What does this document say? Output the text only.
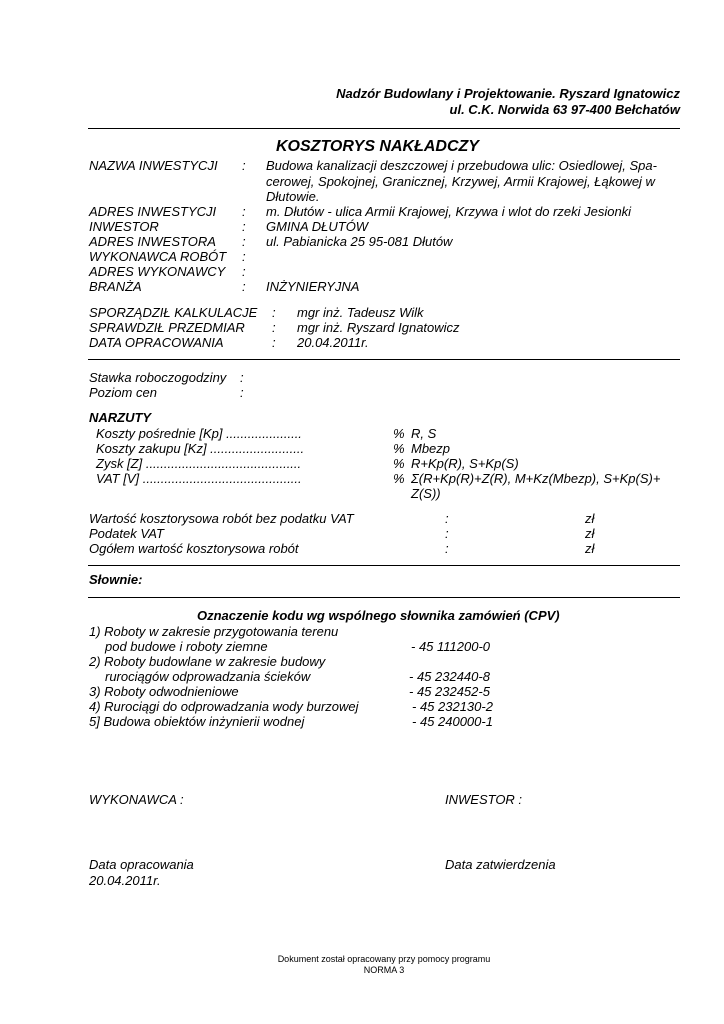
Nadzór Budowlany i Projektowanie. Ryszard Ignatowicz
ul. C.K. Norwida 63 97-400 Bełchatów
KOSZTORYS NAKŁADCZY
NAZWA INWESTYCJI : Budowa kanalizacji deszczowej i przebudowa ulic: Osiedlowej, Spa-
cerowej, Spokojnej, Granicznej, Krzywej, Armii Krajowej, Łąkowej w
Dłutowie.
ADRES INWESTYCJI : m. Dłutów - ulica Armii Krajowej, Krzywa i wlot do rzeki Jesionki
INWESTOR	: GMINA DŁUTÓW
ADRES INWESTORA : ul. Pabianicka 25 95-081 Dłutów
WYKONAWCA ROBÓT :
ADRES WYKONAWCY :
BRANŻA	: INŻYNIERYJNA
SPORZĄDZIŁ KALKULACJE : mgr inż. Tadeusz Wilk
SPRAWDZIŁ PRZEDMIAR : mgr inż. Ryszard Ignatowicz
DATA OPRACOWANIA	: 20.04.2011r.
Stawka roboczogodziny :
Poziom cen	:
NARZUTY
Koszty pośrednie [Kp] .....................	% R, S
Koszty zakupu [Kz] ..........................	% Mbezp
Zysk [Z] ...........................................	% R+Kp(R), S+Kp(S)
VAT [V] ............................................	% Σ(R+Kp(R)+Z(R), M+Kz(Mbezp), S+Kp(S)+
Z(S))
Wartość kosztorysowa robót bez podatku VAT	:	zł
Podatek VAT	:	zł
Ogółem wartość kosztorysowa robót	:	zł
Słownie:
Oznaczenie kodu wg wspólnego słownika zamówień (CPV)
1) Roboty w zakresie przygotowania terenu
pod budowe i roboty ziemne	- 45 111200-0
2) Roboty budowlane w zakresie budowy
rurociągów odprowadzania ścieków	- 45 232440-8
3) Roboty odwodnieniowe	- 45 232452-5
4) Rurociągi do odprowadzania wody burzowej	- 45 232130-2
5] Budowa obiektów inżynierii wodnej	- 45 240000-1
WYKONAWCA :	INWESTOR :
Data opracowania
20.04.2011r.
Data zatwierdzenia
Dokument został opracowany przy pomocy programu
NORMA 3
